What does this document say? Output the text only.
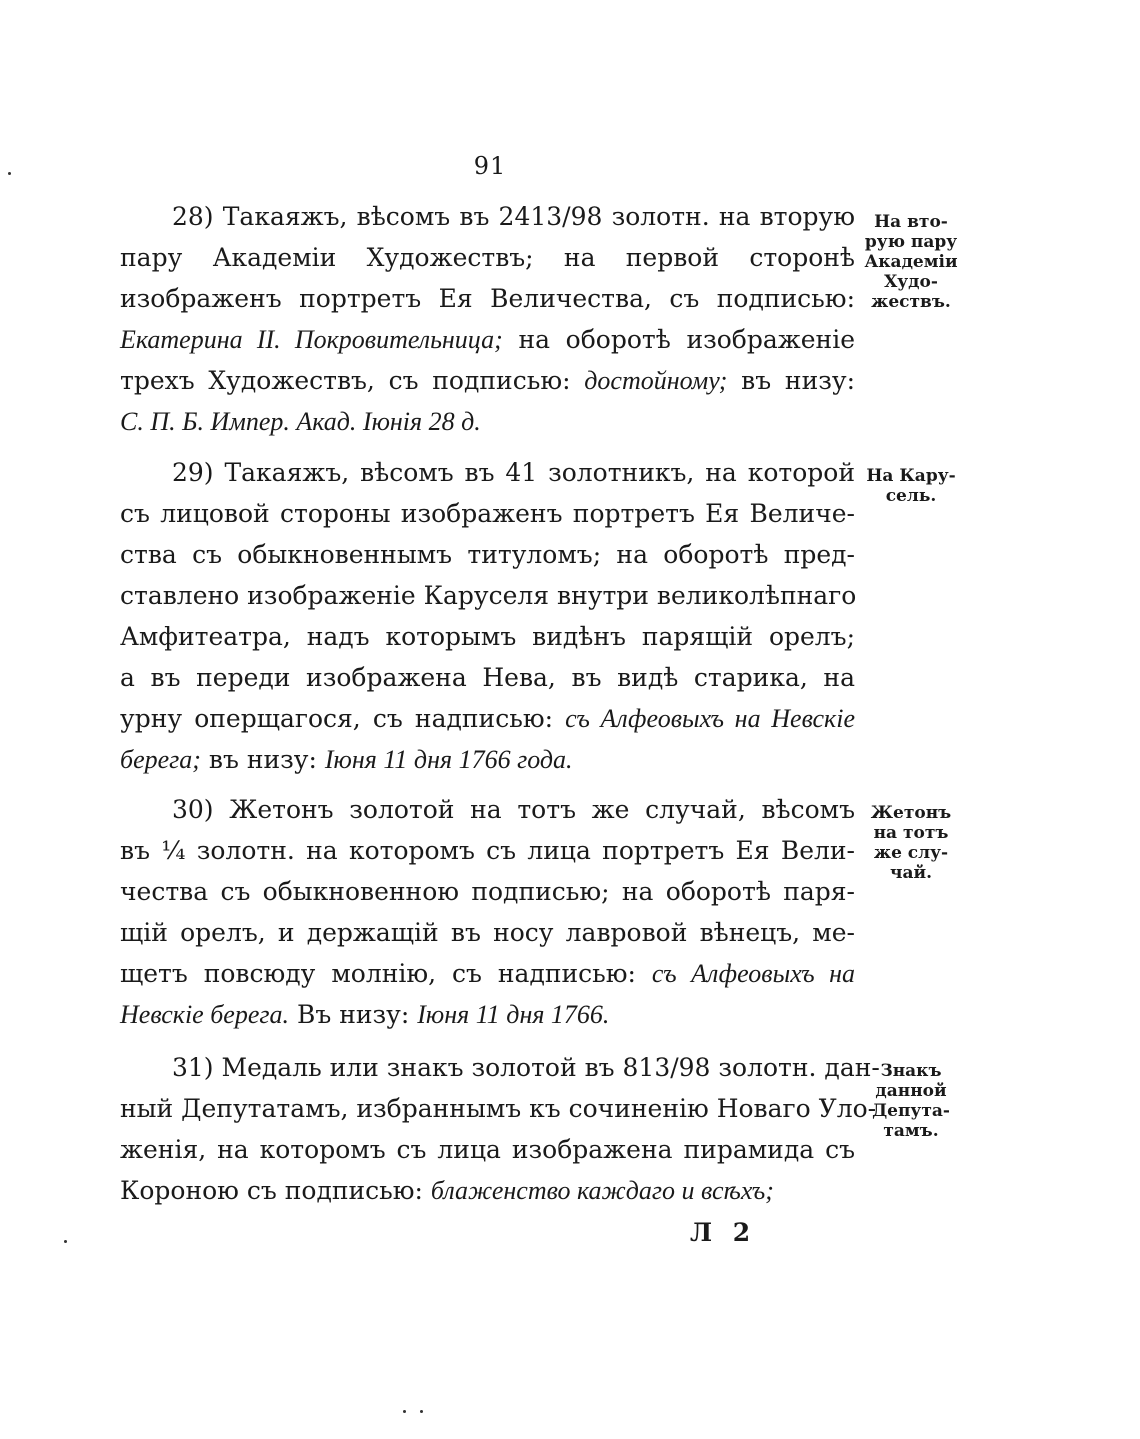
91
28) Такаяжъ, вѣсомъ въ 2413/98 золотн. на вторую
пару Академіи Художествъ; на первой сторонѣ
изображенъ портретъ Ея Величества, съ подписью:
Екатерина II. Покровительница; на оборотѣ изображеніе
трехъ Художествъ, съ подписью: достойному; въ низу:
С. П. Б. Импер. Акад. Іюнія 28 д.
29) Такаяжъ, вѣсомъ въ 41 золотникъ, на которой
съ лицовой стороны изображенъ портретъ Ея Величе-
ства съ обыкновеннымъ титуломъ; на оборотѣ пред-
ставлено изображеніе Каруселя внутри великолѣпнаго
Амфитеатра, надъ которымъ видѣнъ парящій орелъ;
а въ переди изображена Нева, въ видѣ старика, на
урну оперщагося, съ надписью: съ Алфеовыхъ на Невскіе
берега; въ низу: Іюня 11 дня 1766 года.
30) Жетонъ золотой на тотъ же случай, вѣсомъ
въ ¼ золотн. на которомъ съ лица портретъ Ея Вели-
чества съ обыкновенною подписью; на оборотѣ паря-
щій орелъ, и держащій въ носу лавровой вѣнецъ, ме-
щетъ повсюду молнію, съ надписью: съ Алфеовыхъ на
Невскіе берега. Въ низу: Іюня 11 дня 1766.
31) Медаль или знакъ золотой въ 813/98 золотн. дан-
ный Депутатамъ, избраннымъ къ сочиненію Новаго Уло-
женія, на которомъ съ лица изображена пирамида съ
Короною съ подписью: блаженство каждаго и всѣхъ;
На вто-
рую пару
Академіи
Худо-
жествъ.
На Кару-
сель.
Жетонъ
на тотъ
же слу-
чай.
Знакъ
данной
Депута-
тамъ.
Л 2
